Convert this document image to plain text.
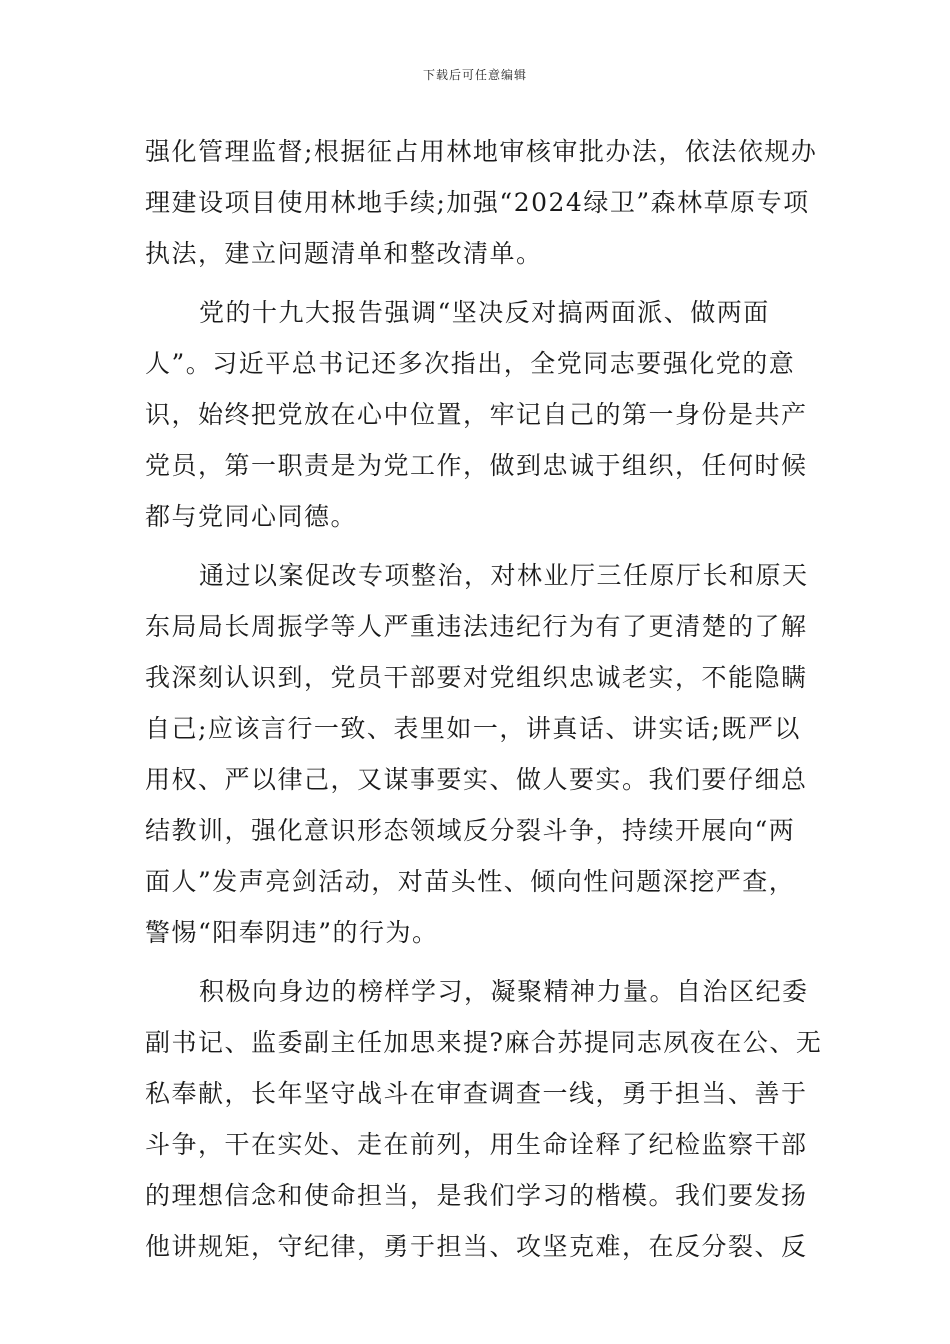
下载后可任意编辑
强化管理监督;根据征占用林地审核审批办法，依法依规办
理建设项目使用林地手续;加强“2024绿卫”森林草原专项
执法，建立问题清单和整改清单。
党的十九大报告强调“坚决反对搞两面派、做两面
人”。习近平总书记还多次指出，全党同志要强化党的意
识，始终把党放在心中位置，牢记自己的第一身份是共产
党员，第一职责是为党工作，做到忠诚于组织，任何时候
都与党同心同德。
通过以案促改专项整治，对林业厅三任原厅长和原天
东局局长周振学等人严重违法违纪行为有了更清楚的了解
我深刻认识到，党员干部要对党组织忠诚老实，不能隐瞒
自己;应该言行一致、表里如一，讲真话、讲实话;既严以
用权、严以律己，又谋事要实、做人要实。我们要仔细总
结教训，强化意识形态领域反分裂斗争，持续开展向“两
面人”发声亮剑活动，对苗头性、倾向性问题深挖严查，
警惕“阳奉阴违”的行为。
积极向身边的榜样学习，凝聚精神力量。自治区纪委
副书记、监委副主任加思来提?麻合苏提同志夙夜在公、无
私奉献，长年坚守战斗在审查调查一线，勇于担当、善于
斗争，干在实处、走在前列，用生命诠释了纪检监察干部
的理想信念和使命担当，是我们学习的楷模。我们要发扬
他讲规矩，守纪律，勇于担当、攻坚克难，在反分裂、反
